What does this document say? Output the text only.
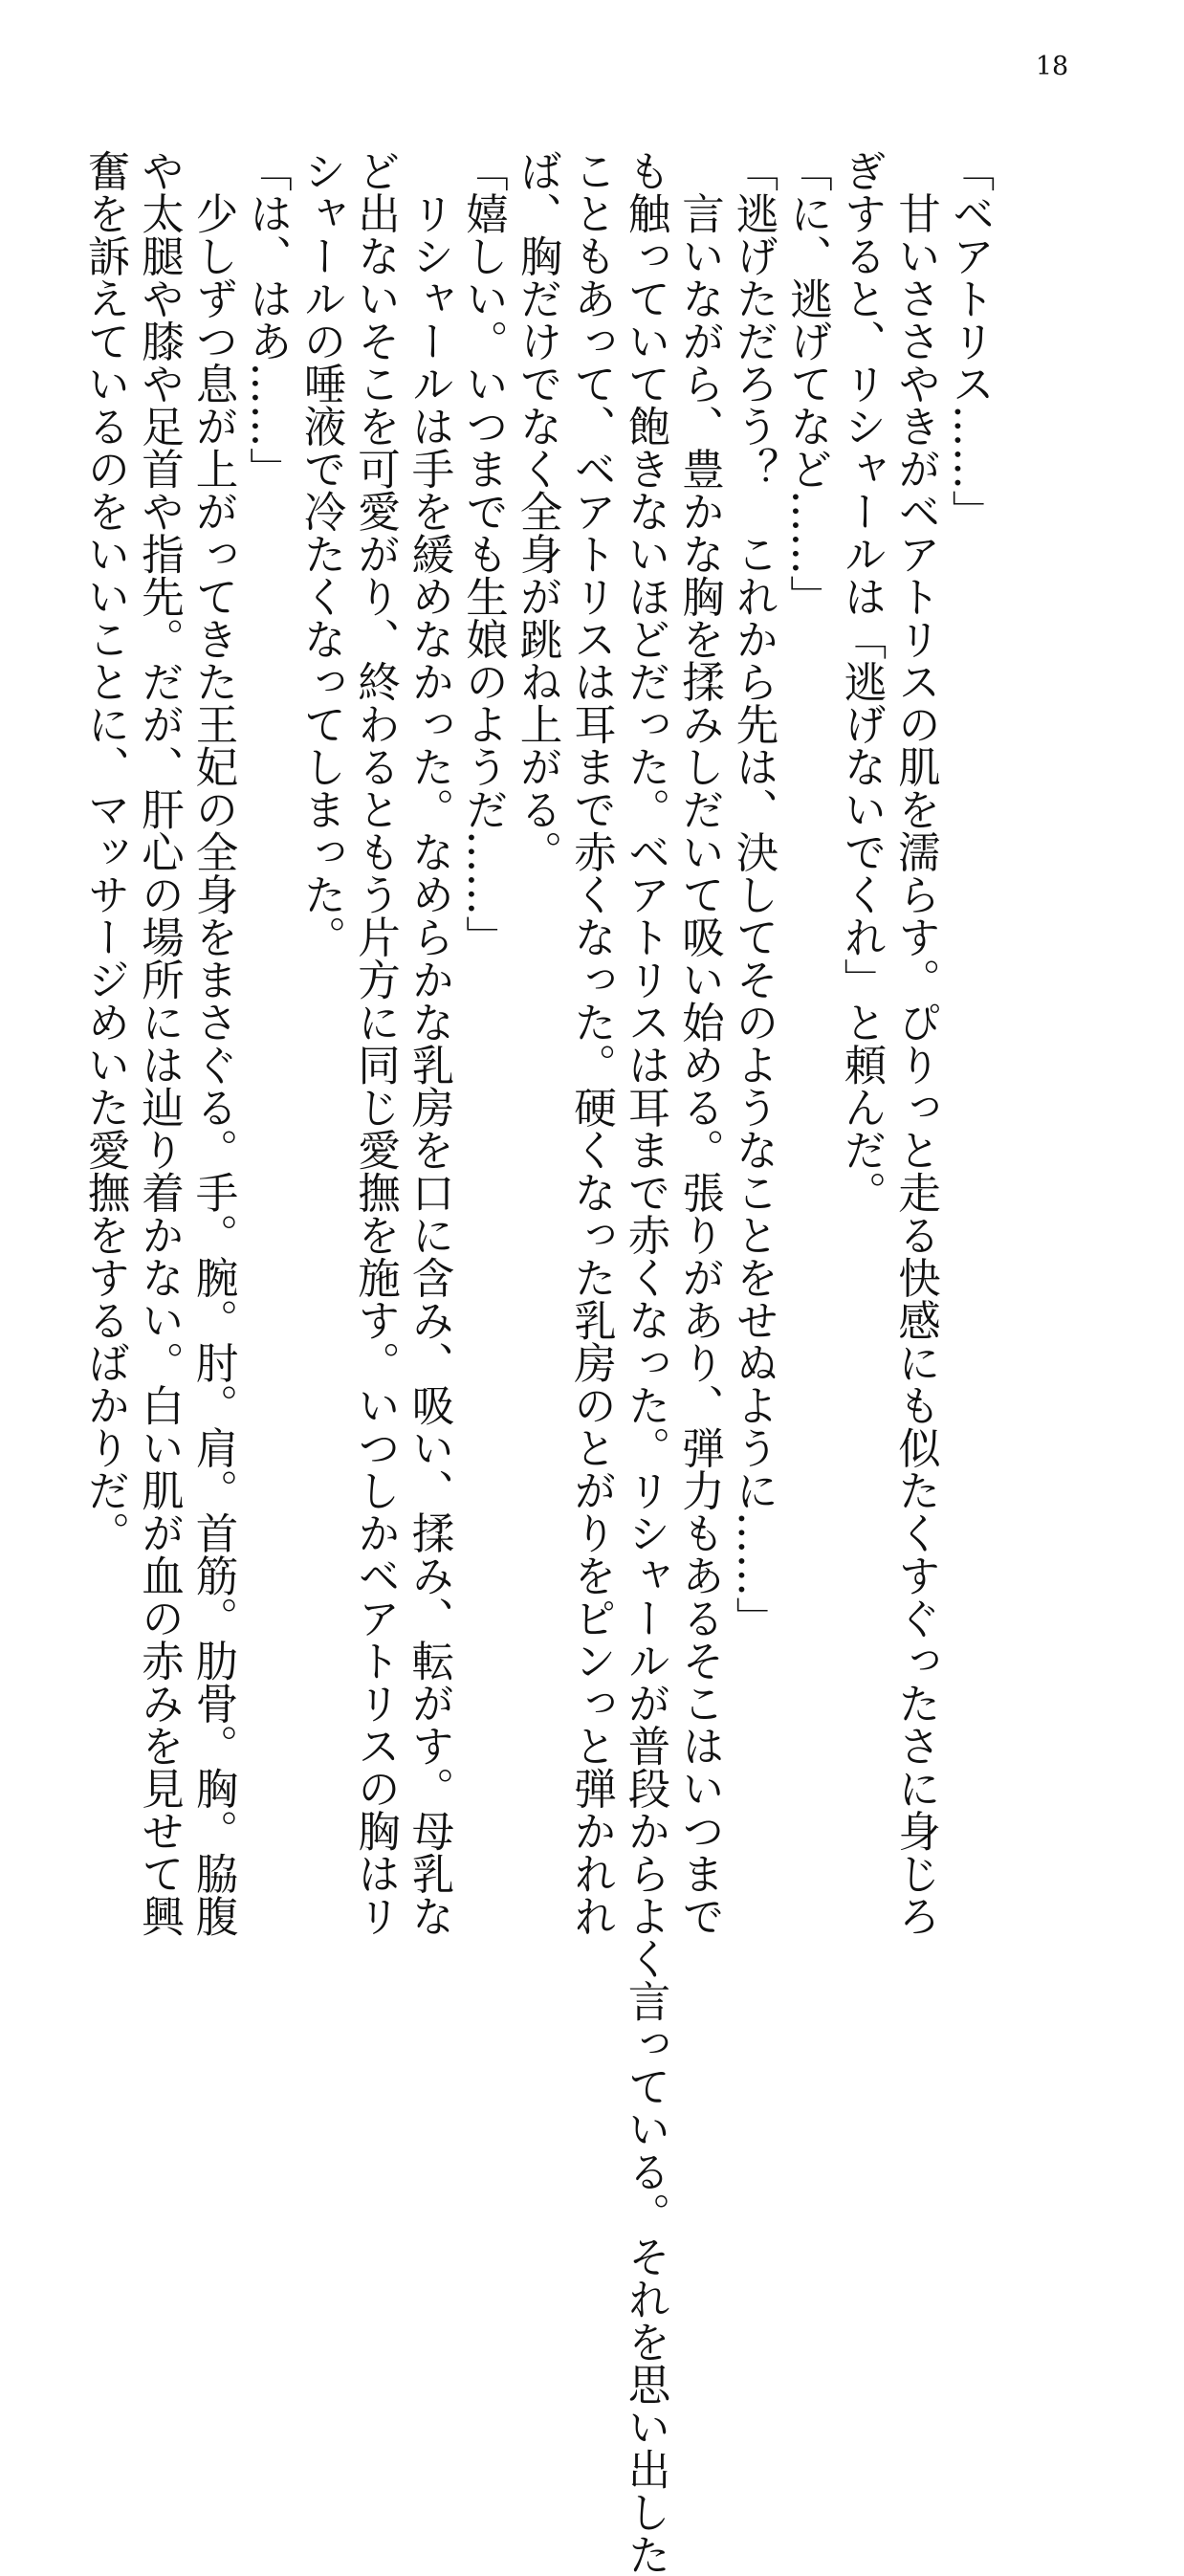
18
「ベアトリス……」
　甘いささやきがベアトリスの肌を濡らす。ぴりっと走る快感にも似たくすぐったさに身じろ
ぎすると、リシャールは「逃げないでくれ」と頼んだ。
「に、逃げてなど……」
「逃げただろう？　これから先は、決してそのようなことをせぬように……」
　言いながら、豊かな胸を揉みしだいて吸い始める。張りがあり、弾力もあるそこはいつまで
も触っていて飽きないほどだった。ベアトリスは耳まで赤くなった。リシャールが普段からよく言っている。それを思い出した
こともあって、ベアトリスは耳まで赤くなった。硬くなった乳房のとがりをピンっと弾かれれ
ば、胸だけでなく全身が跳ね上がる。
「嬉しい。いつまでも生娘のようだ……」
　リシャールは手を緩めなかった。なめらかな乳房を口に含み、吸い、揉み、転がす。母乳な
ど出ないそこを可愛がり、終わるともう片方に同じ愛撫を施す。いつしかベアトリスの胸はリ
シャールの唾液で冷たくなってしまった。
「は、はあ……」
　少しずつ息が上がってきた王妃の全身をまさぐる。手。腕。肘。肩。首筋。肋骨。胸。脇腹
や太腿や膝や足首や指先。だが、肝心の場所には辿り着かない。白い肌が血の赤みを見せて興
奮を訴えているのをいいことに、マッサージめいた愛撫をするばかりだ。
